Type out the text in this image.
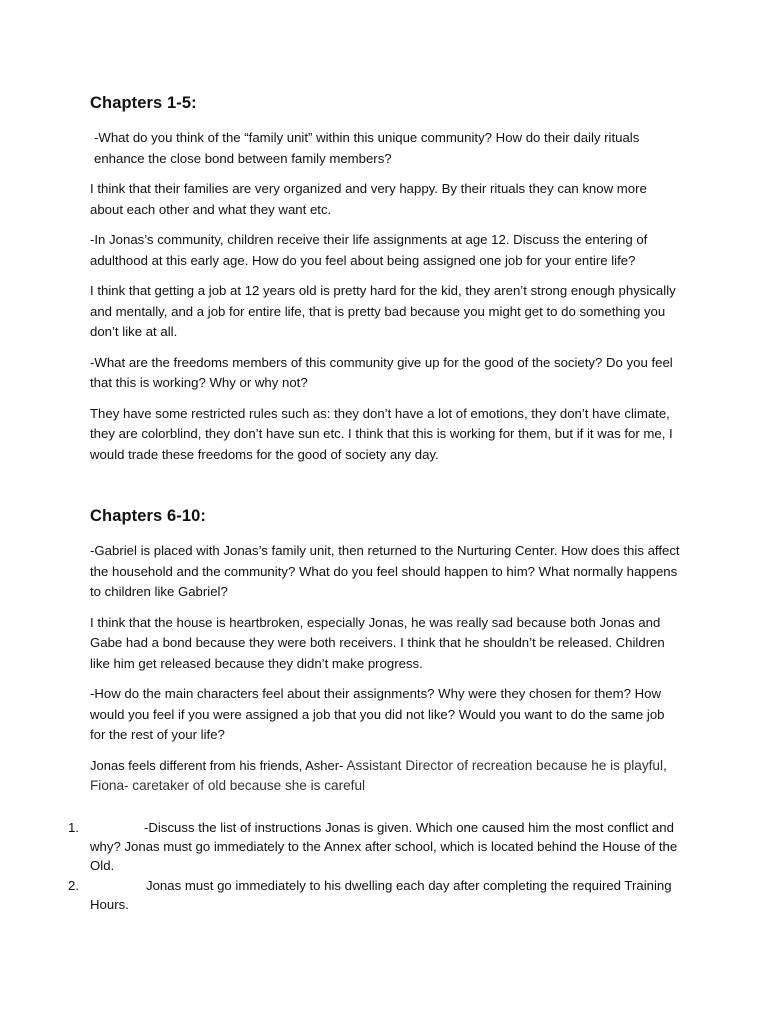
Chapters 1-5:

-What do you think of the “family unit” within this unique community? How do their daily rituals enhance the close bond between family members?

I think that their families are very organized and very happy. By their rituals they can know more about each other and what they want etc.

-In Jonas’s community, children receive their life assignments at age 12. Discuss the entering of adulthood at this early age. How do you feel about being assigned one job for your entire life?

I think that getting a job at 12 years old is pretty hard for the kid, they aren’t strong enough physically and mentally, and a job for entire life, that is pretty bad because you might get to do something you don’t like at all.

-What are the freedoms members of this community give up for the good of the society? Do you feel that this is working? Why or why not?

They have some restricted rules such as: they don’t have a lot of emotions, they don’t have climate, they are colorblind, they don’t have sun etc. I think that this is working for them, but if it was for me, I would trade these freedoms for the good of society any day.

Chapters 6-10:

-Gabriel is placed with Jonas’s family unit, then returned to the Nurturing Center. How does this affect the household and the community? What do you feel should happen to him? What normally happens to children like Gabriel?

I think that the house is heartbroken, especially Jonas, he was really sad because both Jonas and Gabe had a bond because they were both receivers. I think that he shouldn’t be released. Children like him get released because they didn’t make progress.

-How do the main characters feel about their assignments? Why were they chosen for them? How would you feel if you were assigned a job that you did not like? Would you want to do the same job for the rest of your life?

Jonas feels different from his friends, Asher- Assistant Director of recreation because he is playful, Fiona- caretaker of old because she is careful

1.	-Discuss the list of instructions Jonas is given. Which one caused him the most conflict and why? Jonas must go immediately to the Annex after school, which is located behind the House of the Old.
2.	Jonas must go immediately to his dwelling each day after completing the required Training Hours.
